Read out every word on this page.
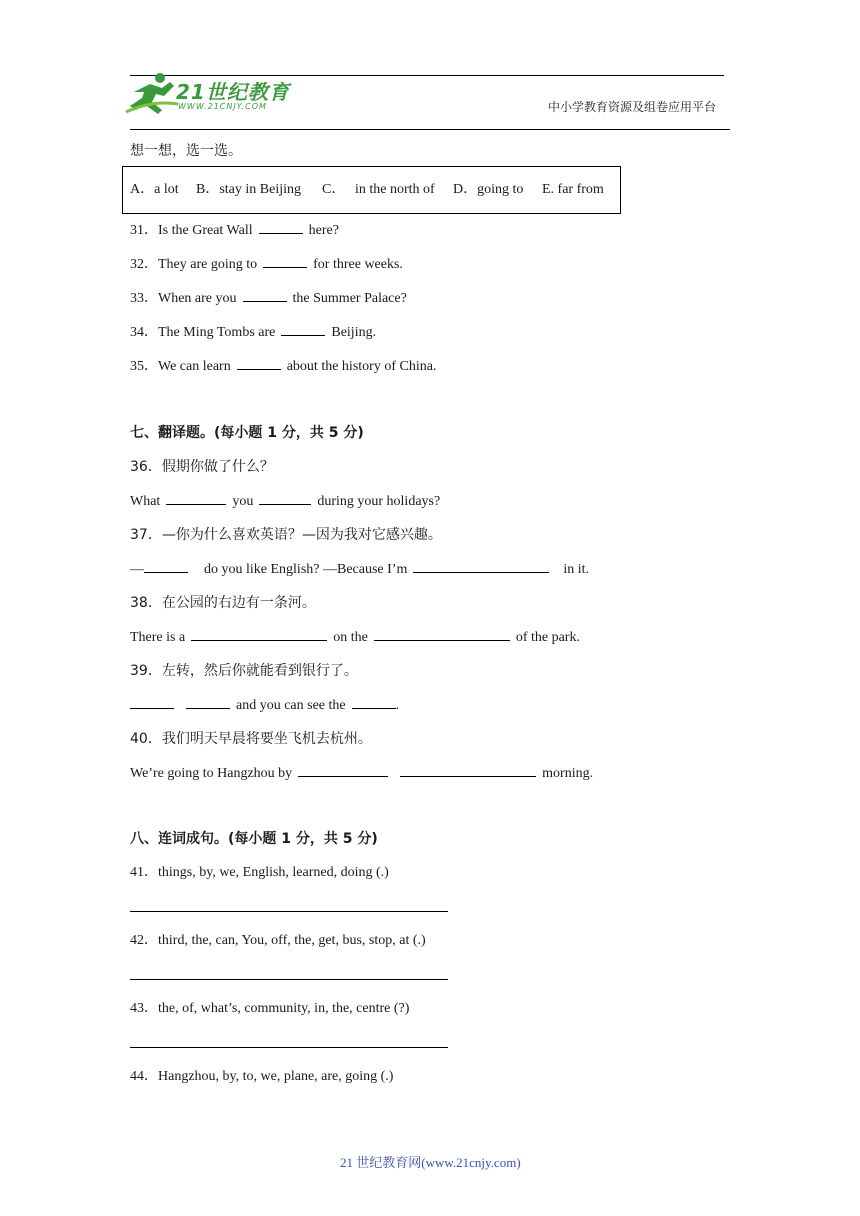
21世纪教育
WWW.21CNJY.COM	中小学教育资源及组卷应用平台
想一想，选一选。
A．a lot B．stay in Beijing C． in the north of D．going to E. far from
31．Is the Great Wall	here?
32．They are going to	for three weeks.
33．When are you	the Summer Palace?
34．The Ming Tombs are	Beijing.
35．We can learn	about the history of China.
七、翻译题。(每小题 1 分，共 5 分)
36．假期你做了什么？
What	you	during your holidays?
37．—你为什么喜欢英语？—因为我对它感兴趣。
—	do you like English? —Because I’m	in it.
38．在公园的右边有一条河。
There is a	on the	of the park.
39．左转，然后你就能看到银行了。
and you can see the	.
40．我们明天早晨将要坐飞机去杭州。
We’re going to Hangzhou by	morning.
八、连词成句。(每小题 1 分，共 5 分)
41．things, by, we, English, learned, doing (.)
42．third, the, can, You, off, the, get, bus, stop, at (.)
43．the, of, what’s, community, in, the, centre (?)
44．Hangzhou, by, to, we, plane, are, going (.)
21 世纪教育网(www.21cnjy.com)
